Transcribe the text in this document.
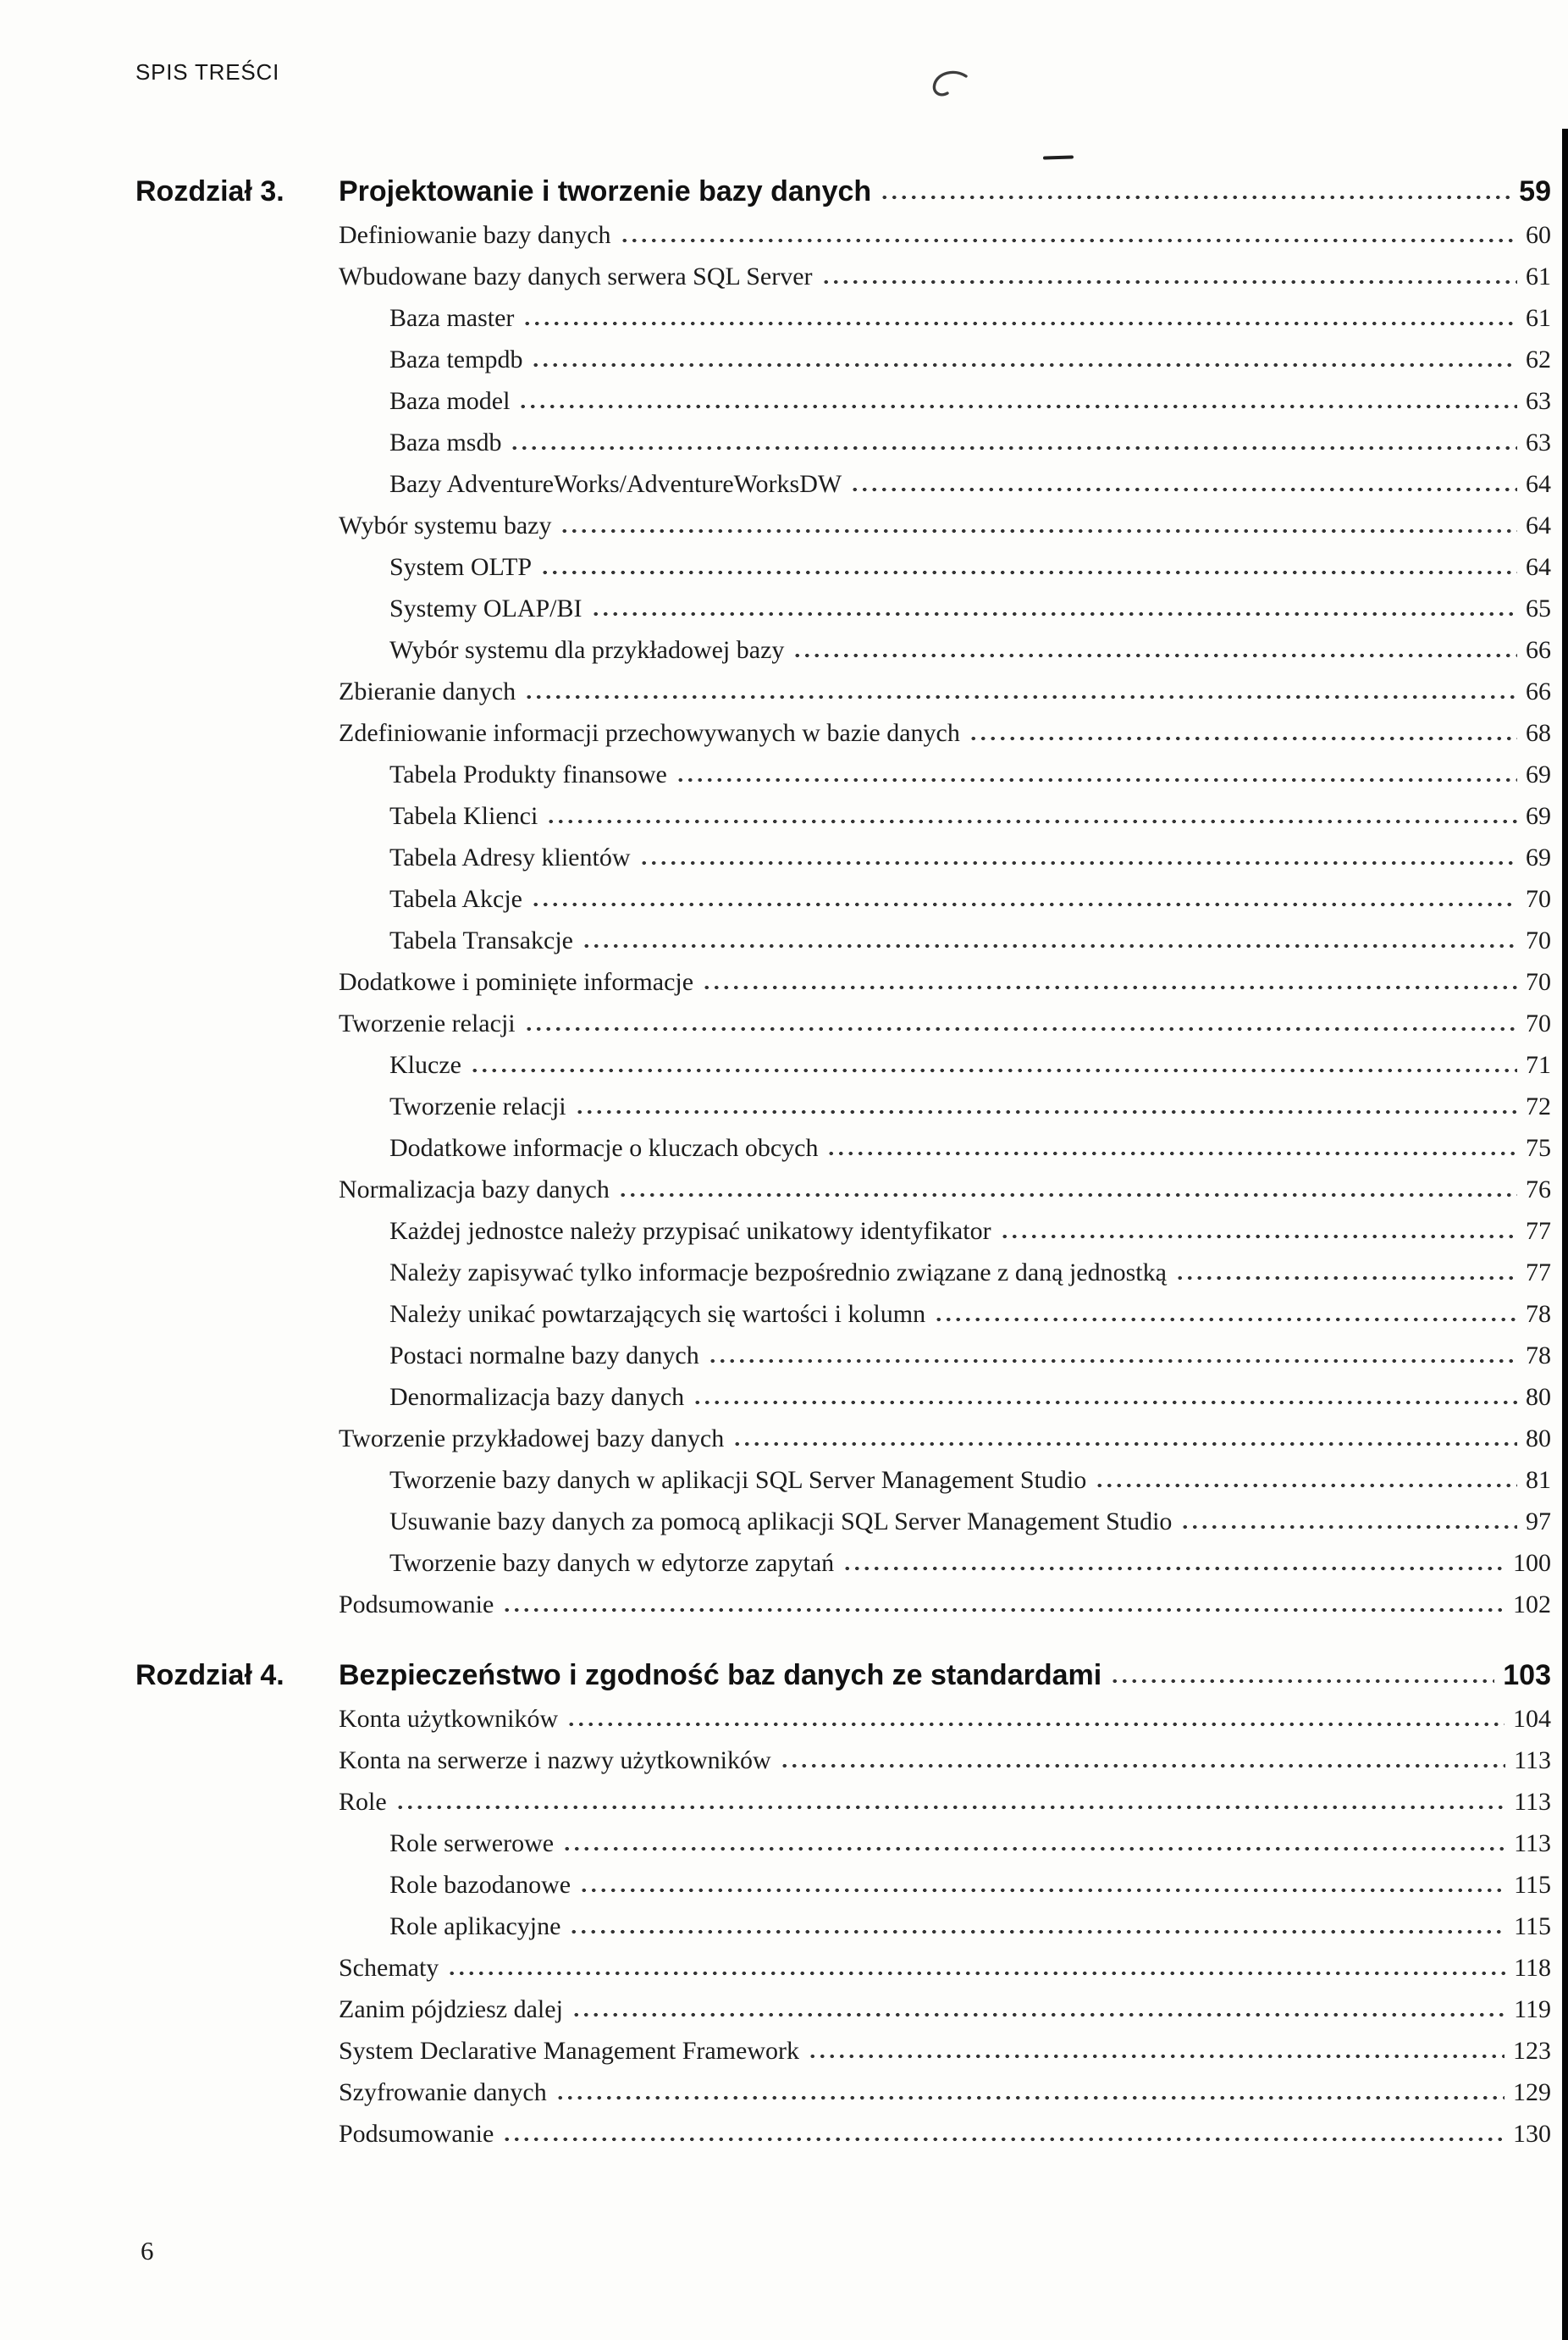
SPIS TREŚCI
Rozdział 3. Projektowanie i tworzenie bazy danych	59
Definiowanie bazy danych	60
Wbudowane bazy danych serwera SQL Server	61
Baza master	61
Baza tempdb	62
Baza model	63
Baza msdb	63
Bazy AdventureWorks/AdventureWorksDW	64
Wybór systemu bazy	64
System OLTP	64
Systemy OLAP/BI	65
Wybór systemu dla przykładowej bazy	66
Zbieranie danych	66
Zdefiniowanie informacji przechowywanych w bazie danych	68
Tabela Produkty finansowe	69
Tabela Klienci	69
Tabela Adresy klientów	69
Tabela Akcje	70
Tabela Transakcje	70
Dodatkowe i pominięte informacje	70
Tworzenie relacji	70
Klucze	71
Tworzenie relacji	72
Dodatkowe informacje o kluczach obcych	75
Normalizacja bazy danych	76
Każdej jednostce należy przypisać unikatowy identyfikator	77
Należy zapisywać tylko informacje bezpośrednio związane z daną jednostką	77
Należy unikać powtarzających się wartości i kolumn	78
Postaci normalne bazy danych	78
Denormalizacja bazy danych	80
Tworzenie przykładowej bazy danych	80
Tworzenie bazy danych w aplikacji SQL Server Management Studio	81
Usuwanie bazy danych za pomocą aplikacji SQL Server Management Studio	97
Tworzenie bazy danych w edytorze zapytań	100
Podsumowanie	102
Rozdział 4. Bezpieczeństwo i zgodność baz danych ze standardami	103
Konta użytkowników	104
Konta na serwerze i nazwy użytkowników	113
Role	113
Role serwerowe	113
Role bazodanowe	115
Role aplikacyjne	115
Schematy	118
Zanim pójdziesz dalej	119
System Declarative Management Framework	123
Szyfrowanie danych	129
Podsumowanie	130
6
